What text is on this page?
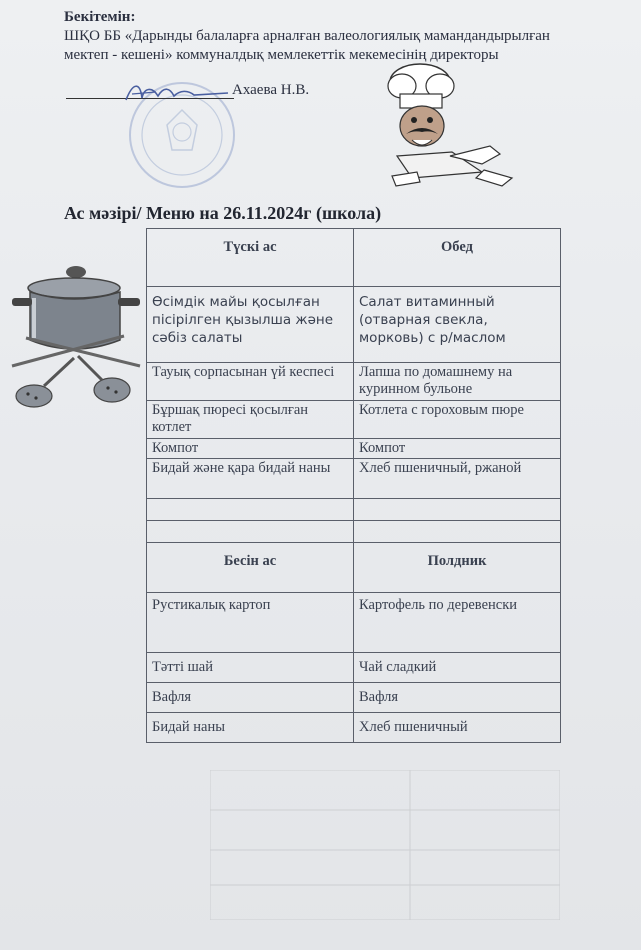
Бекітемін:
ШҚО ББ «Дарынды балаларға арналған валеологиялық мамандандырылған
мектеп - кешені» коммуналдық мемлекеттік мекемесінің директоры
Ахаева Н.В.
Ас мәзірі/ Меню на 26.11.2024г (школа)
Түскі ас	Обед
Өсімдік майы қосылған пісірілген қызылша және сәбіз салаты	Салат витаминный (отварная свекла, морковь) с р/маслом
Тауық сорпасынан үй кеспесі	Лапша по домашнему на куринном бульоне
Бұршақ пюресі қосылған котлет	Котлета с гороховым пюре
Компот	Компот
Бидай және қара бидай наны	Хлеб пшеничный, ржаной

Бесін ас	Полдник
Рустикалық картоп	Картофель по деревенски
Тәтті шай	Чай сладкий
Вафля	Вафля
Бидай наны	Хлеб пшеничный
